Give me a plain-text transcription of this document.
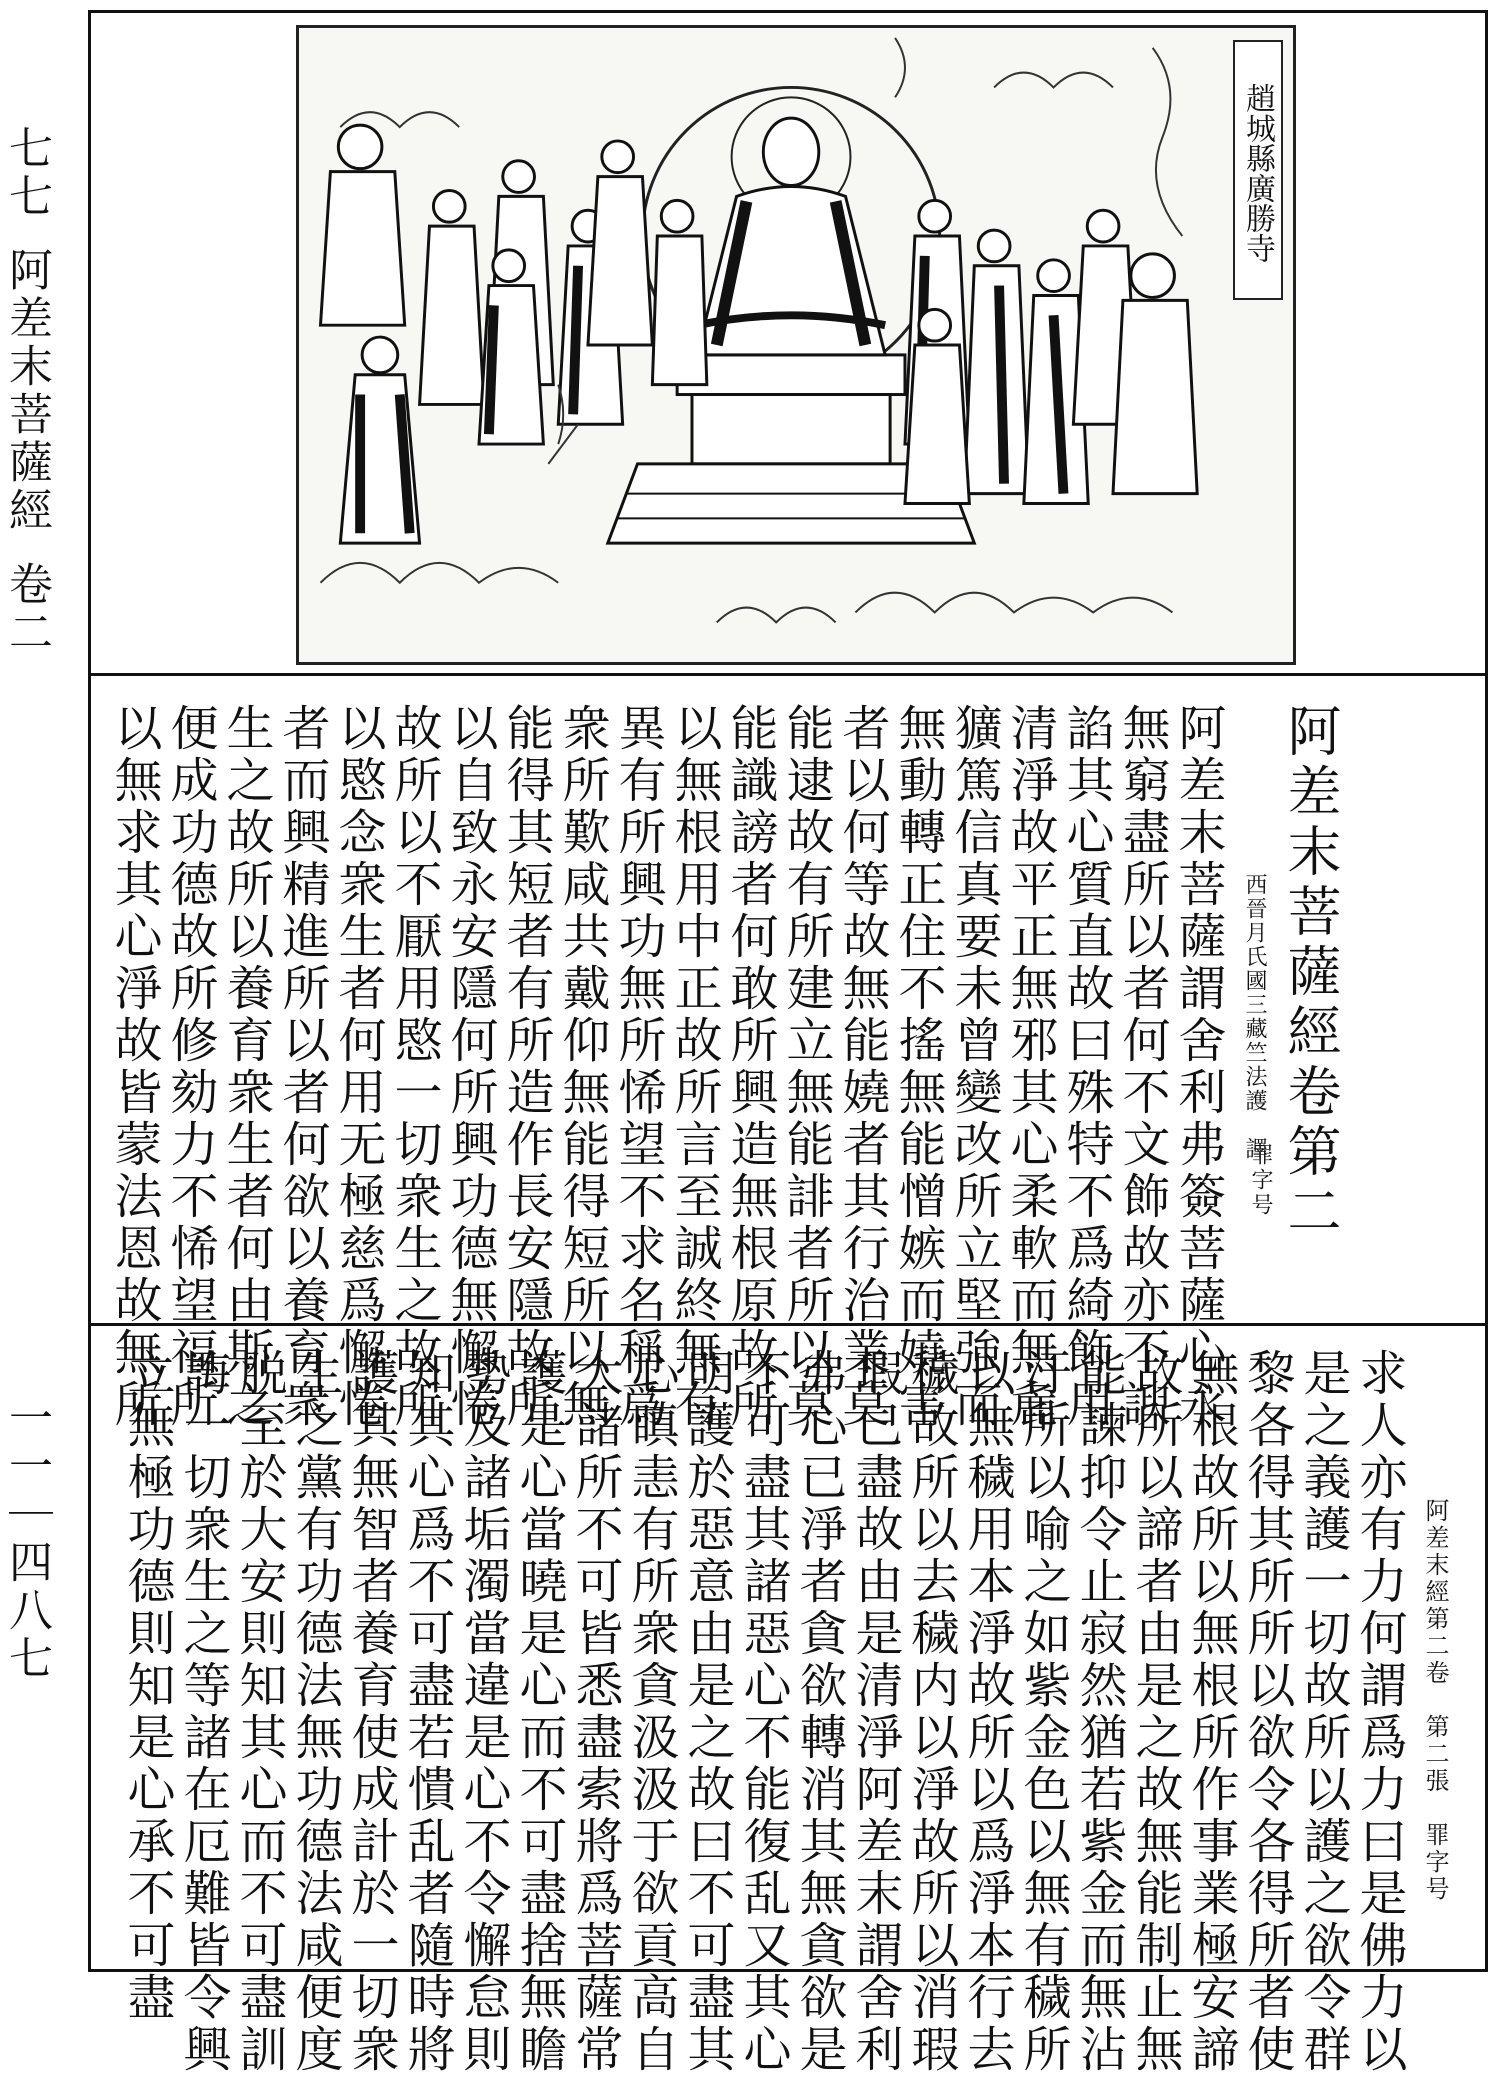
七七阿差末菩薩經卷二
一一｜四八七
趙城縣廣勝寺
阿差末菩薩經卷第二
罪字号
西晉月氏國三藏竺法護　譯
阿差末菩薩謂舍利弗簽菩薩心永
無窮盡所以者何不文飾故亦不諛
諂其心質直故曰殊特不爲綺飾用
清淨故平正無邪其心柔軟而無麁
獷篤信真要未曾變改所立堅強而
無動轉正住不搖無能憎嫉而嬈害
者以何等故無能嬈者其行治業莫
能逮故有所建立無能誹者所以莫
能識謗者何敢所興造無根原故所
以無根用中正故所言至誠終無有
異有所興功無所悕望不求名稱爲
衆所歎咸共戴仰無能得短所以無
能得其短者有所造作長安隱故所
以自致永安隱何所興功德無懈惓
故所以不厭用愍一切衆生之故所
以愍念衆生者何用无極慈爲懈惓
者而興精進所以者何欲以養育衆
生之故所以養育衆生者何由斯之
便成功德故所修劾力不悕望福所
以無求其心淨故皆蒙法恩故無所
阿差末經第二卷　第二張　罪字号
求人亦有力何謂爲力曰是佛力以
是之義護一切故所以護之欲令群
黎各得其所所以欲令各得所者使
無根故所以無根所作事業極安諦
故所以諦者由是之故無能制止無
能諫抑令止寂然猶若紫金而無沾
汙所以喻之如紫金色以無有穢所
以無穢用本淨故所以爲淨本行去
穢故所以去穢内以淨故所以消瑕
瑕已盡故由是清淨阿差末謂舍利
弗心已淨者貪欲轉消其無貪欲是
不可盡其諸惡心不能復乱又其心
明護於惡意由是之故曰不可盡其
心瞋恚有所衆貪汲汲于欲貢高自
大諸所不可皆悉盡索將爲菩薩常
護是心當曉是心而不可盡捨無瞻
勢及諸垢濁當違是心不令懈怠則
知其心爲不可盡若憒乱者隨時將
護其無智者養育使成計於一切衆
生之黨有功德法無功德法咸便度
脱至於大安則知其心而不可盡訓
誨一切衆生之等諸在厄難皆令興
立無極功德則知是心承不可盡
